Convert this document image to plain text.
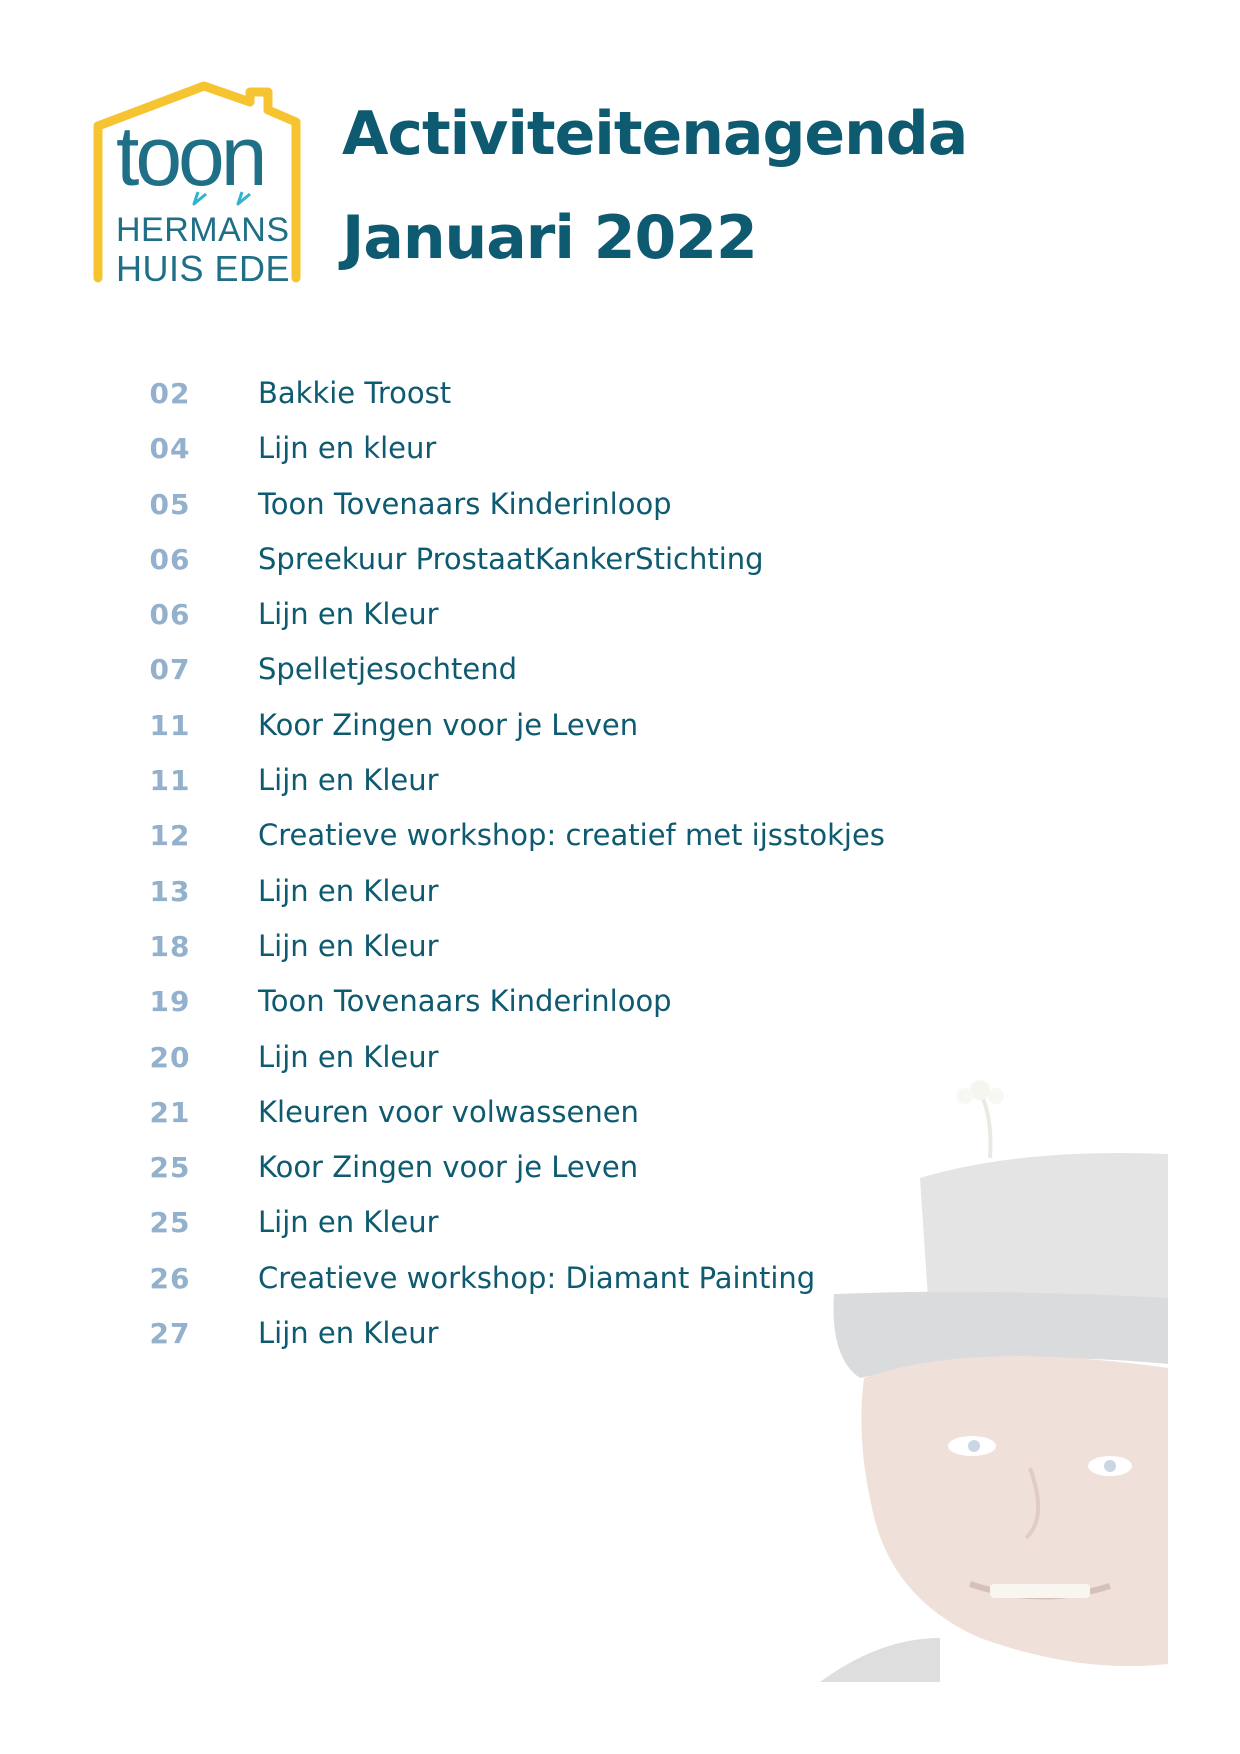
toon
HERMANS
HUIS EDE
Activiteitenagenda
Januari 2022
02	Bakkie Troost
04	Lijn en kleur
05	Toon Tovenaars Kinderinloop
06	Spreekuur ProstaatKankerStichting
06	Lijn en Kleur
07	Spelletjesochtend
11	Koor Zingen voor je Leven
11	Lijn en Kleur
12	Creatieve workshop: creatief met ijsstokjes
13	Lijn en Kleur
18	Lijn en Kleur
19	Toon Tovenaars Kinderinloop
20	Lijn en Kleur
21	Kleuren voor volwassenen
25	Koor Zingen voor je Leven
25	Lijn en Kleur
26	Creatieve workshop: Diamant Painting
27	Lijn en Kleur
